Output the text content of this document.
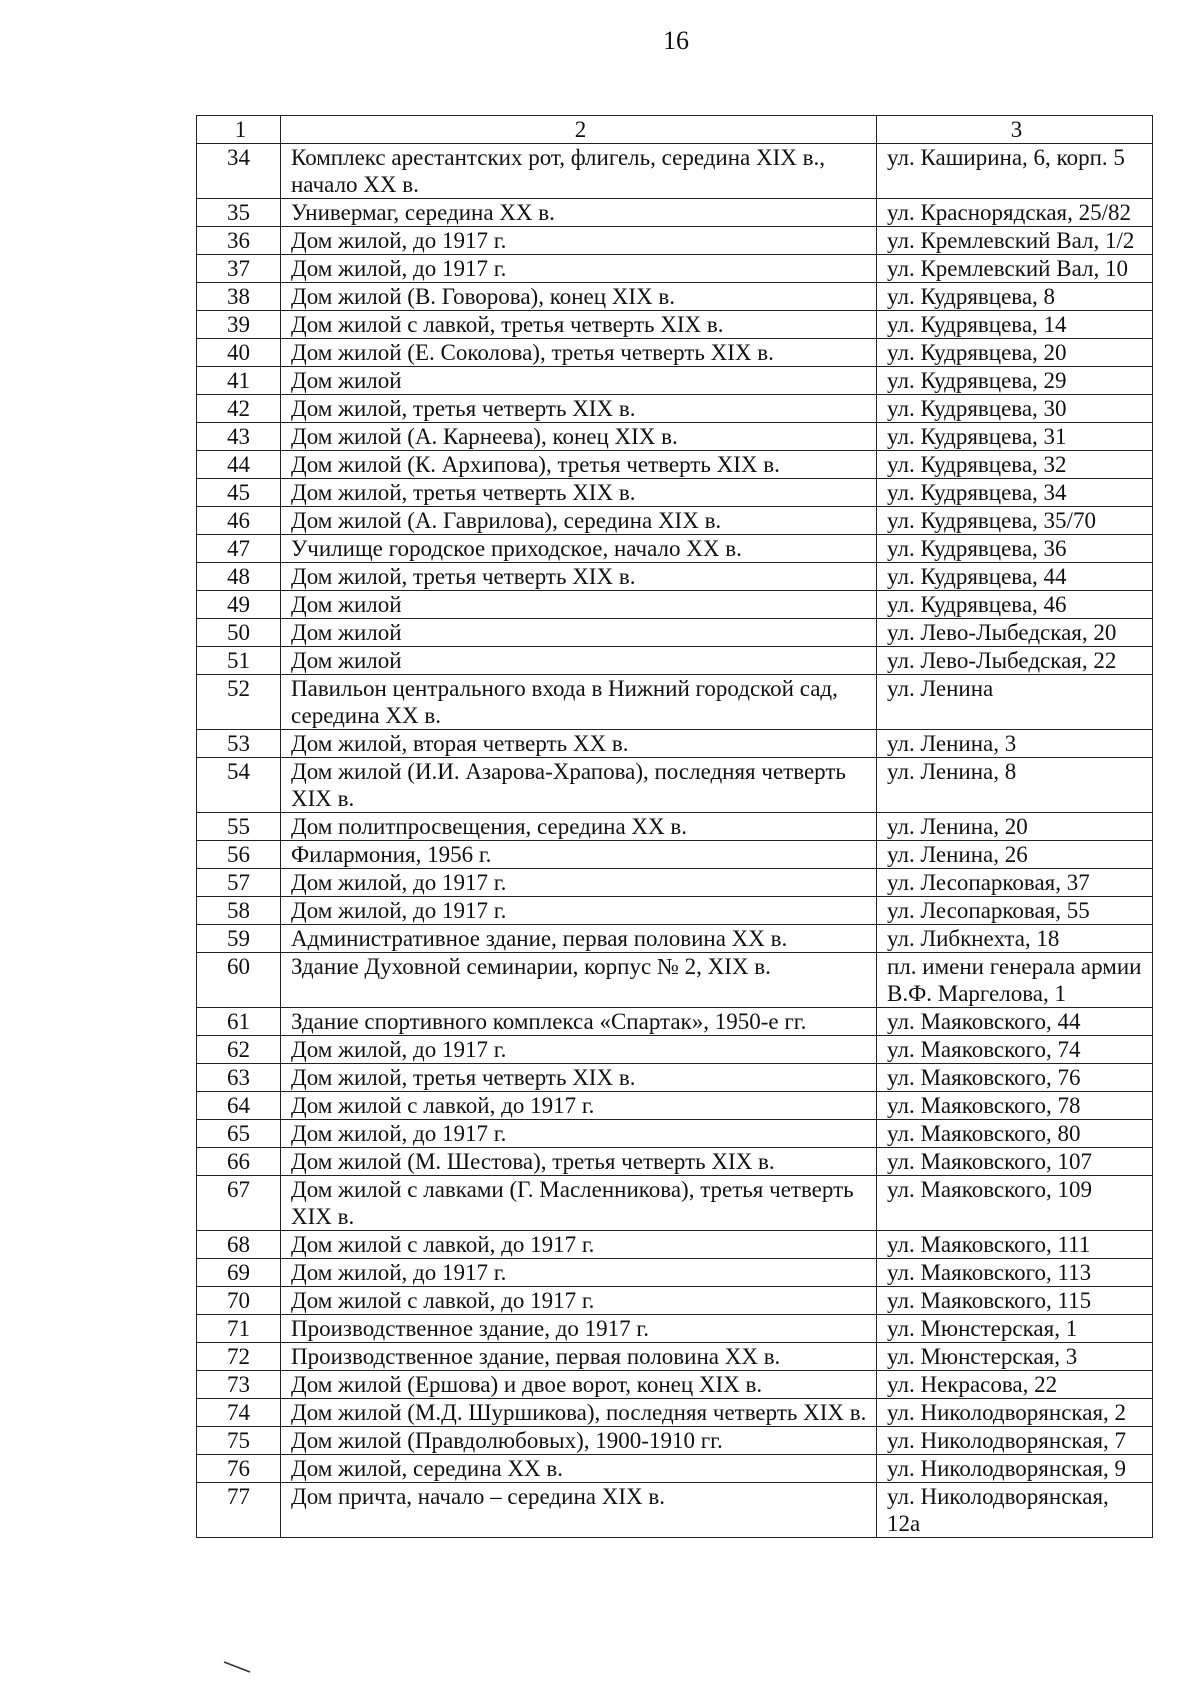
16
1	2	3
34	Комплекс арестантских рот, флигель, середина XIX в., начало XX в.	ул. Каширина, 6, корп. 5
35	Универмаг, середина XX в.	ул. Краснорядская, 25/82
36	Дом жилой, до 1917 г.	ул. Кремлевский Вал, 1/2
37	Дом жилой, до 1917 г.	ул. Кремлевский Вал, 10
38	Дом жилой (В. Говорова), конец XIX в.	ул. Кудрявцева, 8
39	Дом жилой с лавкой, третья четверть XIX в.	ул. Кудрявцева, 14
40	Дом жилой (Е. Соколова), третья четверть XIX в.	ул. Кудрявцева, 20
41	Дом жилой	ул. Кудрявцева, 29
42	Дом жилой, третья четверть XIX в.	ул. Кудрявцева, 30
43	Дом жилой (А. Карнеева), конец XIX в.	ул. Кудрявцева, 31
44	Дом жилой (К. Архипова), третья четверть XIX в.	ул. Кудрявцева, 32
45	Дом жилой, третья четверть XIX в.	ул. Кудрявцева, 34
46	Дом жилой (А. Гаврилова), середина XIX в.	ул. Кудрявцева, 35/70
47	Училище городское приходское, начало XX в.	ул. Кудрявцева, 36
48	Дом жилой, третья четверть XIX в.	ул. Кудрявцева, 44
49	Дом жилой	ул. Кудрявцева, 46
50	Дом жилой	ул. Лево-Лыбедская, 20
51	Дом жилой	ул. Лево-Лыбедская, 22
52	Павильон центрального входа в Нижний городской сад, середина XX в.	ул. Ленина
53	Дом жилой, вторая четверть XX в.	ул. Ленина, 3
54	Дом жилой (И.И. Азарова-Храпова), последняя четверть XIX в.	ул. Ленина, 8
55	Дом политпросвещения, середина XX в.	ул. Ленина, 20
56	Филармония, 1956 г.	ул. Ленина, 26
57	Дом жилой, до 1917 г.	ул. Лесопарковая, 37
58	Дом жилой, до 1917 г.	ул. Лесопарковая, 55
59	Административное здание, первая половина XX в.	ул. Либкнехта, 18
60	Здание Духовной семинарии, корпус № 2, XIX в.	пл. имени генерала армии В.Ф. Маргелова, 1
61	Здание спортивного комплекса «Спартак», 1950-е гг.	ул. Маяковского, 44
62	Дом жилой, до 1917 г.	ул. Маяковского, 74
63	Дом жилой, третья четверть XIX в.	ул. Маяковского, 76
64	Дом жилой с лавкой, до 1917 г.	ул. Маяковского, 78
65	Дом жилой, до 1917 г.	ул. Маяковского, 80
66	Дом жилой (М. Шестова), третья четверть XIX в.	ул. Маяковского, 107
67	Дом жилой с лавками (Г. Масленникова), третья четверть XIX в.	ул. Маяковского, 109
68	Дом жилой с лавкой, до 1917 г.	ул. Маяковского, 111
69	Дом жилой, до 1917 г.	ул. Маяковского, 113
70	Дом жилой с лавкой, до 1917 г.	ул. Маяковского, 115
71	Производственное здание, до 1917 г.	ул. Мюнстерская, 1
72	Производственное здание, первая половина XX в.	ул. Мюнстерская, 3
73	Дом жилой (Ершова) и двое ворот, конец XIX в.	ул. Некрасова, 22
74	Дом жилой (М.Д. Шуршикова), последняя четверть XIX в.	ул. Николодворянская, 2
75	Дом жилой (Правдолюбовых), 1900-1910 гг.	ул. Николодворянская, 7
76	Дом жилой, середина XX в.	ул. Николодворянская, 9
77	Дом причта, начало – середина XIX в.	ул. Николодворянская, 12а
